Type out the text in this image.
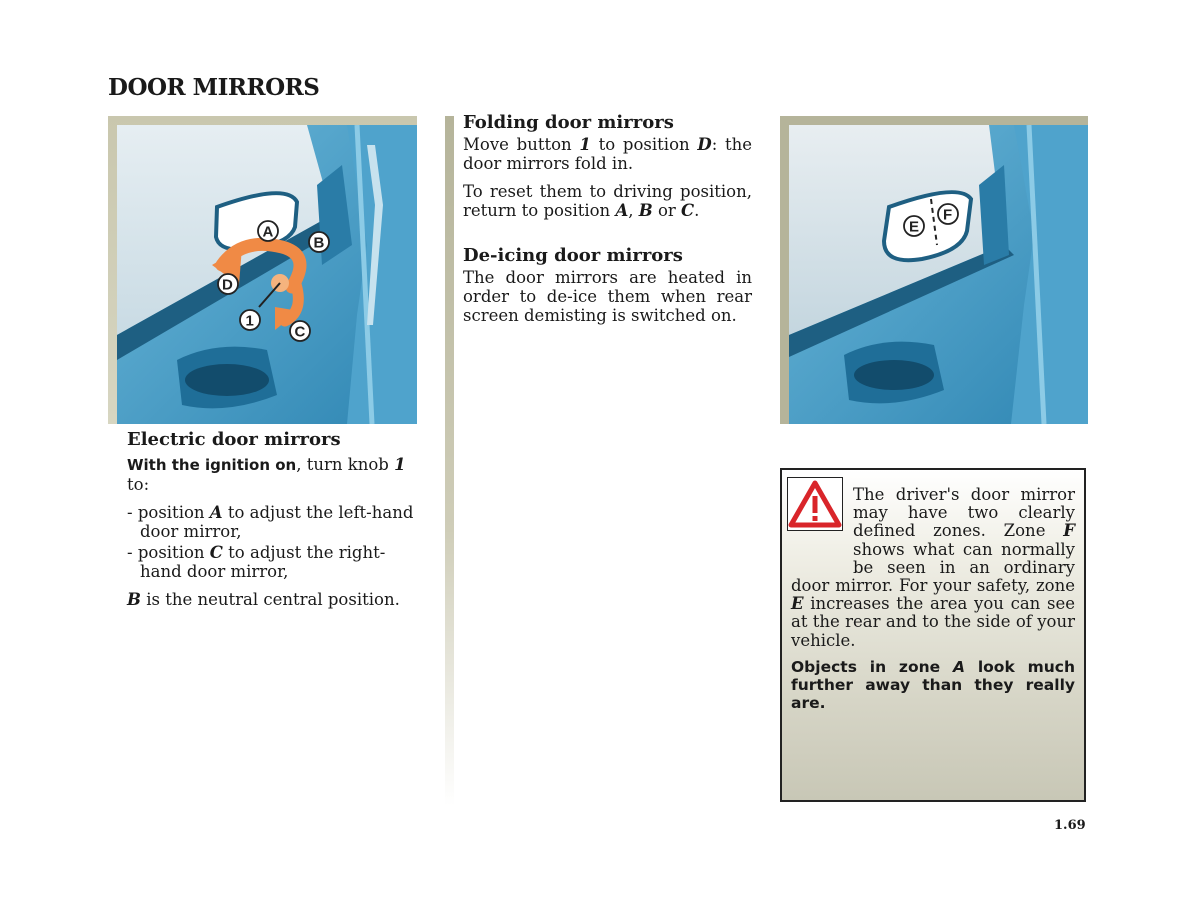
DOOR MIRRORS
A
B
D
1
C
Electric door mirrors
With the ignition on, turn knob 1 to:
- position A to adjust the left-hand door mirror,
- position C to adjust the right-hand door mirror,
B is the neutral central position.
Folding door mirrors
Move button 1 to position D: the door mirrors fold in.
To reset them to driving position, return to position A, B or C.
De-icing door mirrors
The door mirrors are heated in order to de-ice them when rear screen demisting is switched on.
E
F
The driver's door mirror may have two clearly defined zones. Zone F shows what can normally be seen in an ordinary door mirror. For your safety, zone E increases the area you can see at the rear and to the side of your vehicle.
Objects in zone A look much further away than they really are.
1.69
